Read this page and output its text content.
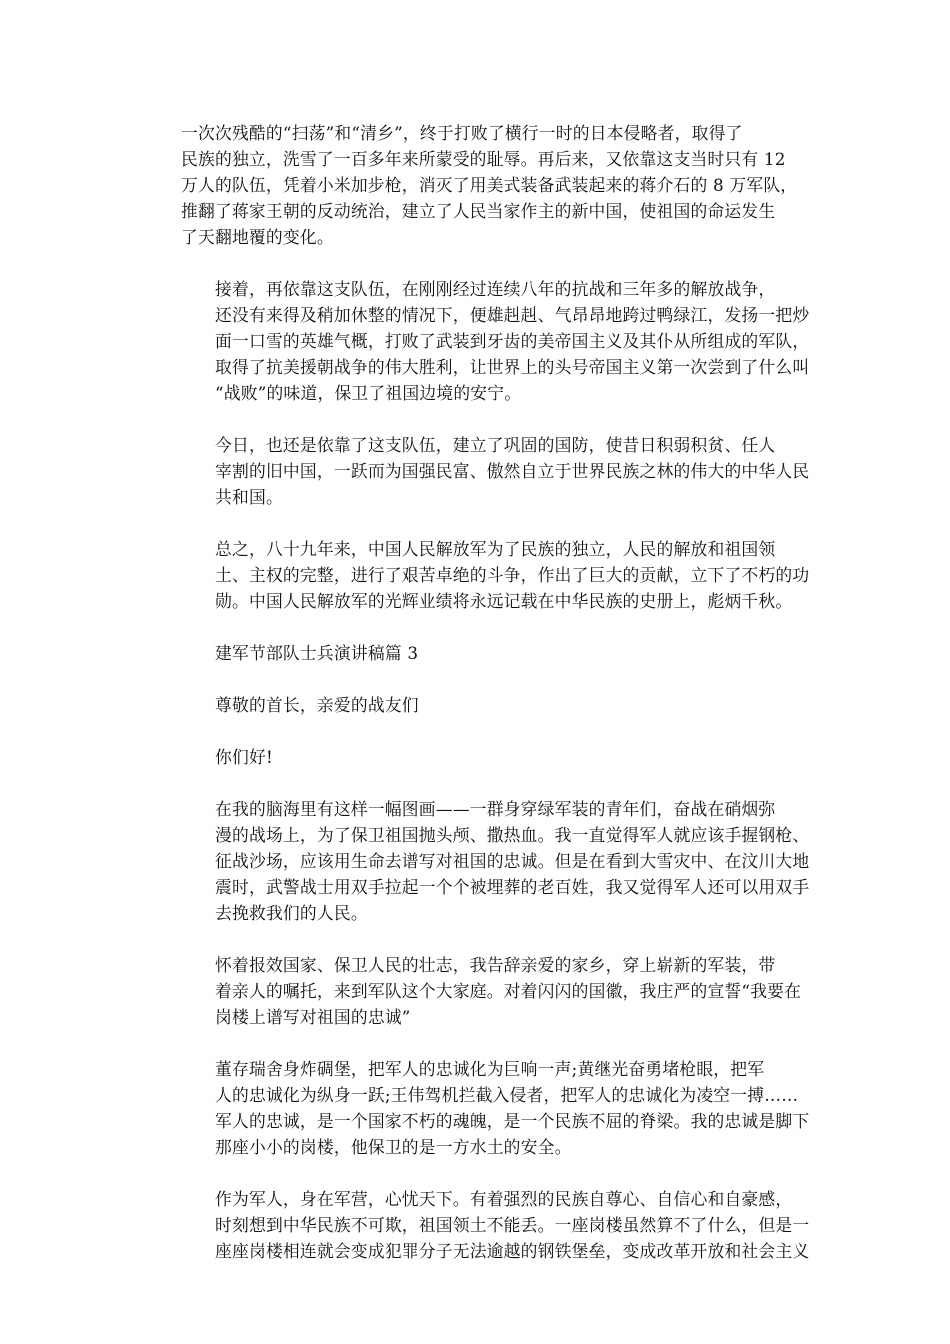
一次次残酷的“扫荡”和“清乡”，终于打败了横行一时的日本侵略者，取得了
民族的独立，洗雪了一百多年来所蒙受的耻辱。再后来，又依靠这支当时只有 12
万人的队伍，凭着小米加步枪，消灭了用美式装备武装起来的蒋介石的 8 万军队，
推翻了蒋家王朝的反动统治，建立了人民当家作主的新中国，使祖国的命运发生
了天翻地覆的变化。

接着，再依靠这支队伍，在刚刚经过连续八年的抗战和三年多的解放战争，
还没有来得及稍加休整的情况下，便雄赳赳、气昂昂地跨过鸭绿江，发扬一把炒
面一口雪的英雄气概，打败了武装到牙齿的美帝国主义及其仆从所组成的军队，
取得了抗美援朝战争的伟大胜利，让世界上的头号帝国主义第一次尝到了什么叫
“战败”的味道，保卫了祖国边境的安宁。

今日，也还是依靠了这支队伍，建立了巩固的国防，使昔日积弱积贫、任人
宰割的旧中国，一跃而为国强民富、傲然自立于世界民族之林的伟大的中华人民
共和国。

总之，八十九年来，中国人民解放军为了民族的独立，人民的解放和祖国领
土、主权的完整，进行了艰苦卓绝的斗争，作出了巨大的贡献，立下了不朽的功
勋。中国人民解放军的光辉业绩将永远记载在中华民族的史册上，彪炳千秋。

建军节部队士兵演讲稿篇 3

尊敬的首长，亲爱的战友们

你们好!

在我的脑海里有这样一幅图画——一群身穿绿军装的青年们，奋战在硝烟弥
漫的战场上，为了保卫祖国抛头颅、撒热血。我一直觉得军人就应该手握钢枪、
征战沙场，应该用生命去谱写对祖国的忠诚。但是在看到大雪灾中、在汶川大地
震时，武警战士用双手拉起一个个被埋葬的老百姓，我又觉得军人还可以用双手
去挽救我们的人民。

怀着报效国家、保卫人民的壮志，我告辞亲爱的家乡，穿上崭新的军装，带
着亲人的嘱托，来到军队这个大家庭。对着闪闪的国徽，我庄严的宣誓“我要在
岗楼上谱写对祖国的忠诚”

董存瑞舍身炸碉堡，把军人的忠诚化为巨响一声;黄继光奋勇堵枪眼，把军
人的忠诚化为纵身一跃;王伟驾机拦截入侵者，把军人的忠诚化为凌空一搏……
军人的忠诚，是一个国家不朽的魂魄，是一个民族不屈的脊梁。我的忠诚是脚下
那座小小的岗楼，他保卫的是一方水土的安全。

作为军人，身在军营，心忧天下。有着强烈的民族自尊心、自信心和自豪感，
时刻想到中华民族不可欺，祖国领土不能丢。一座岗楼虽然算不了什么，但是一
座座岗楼相连就会变成犯罪分子无法逾越的钢铁堡垒，变成改革开放和社会主义
